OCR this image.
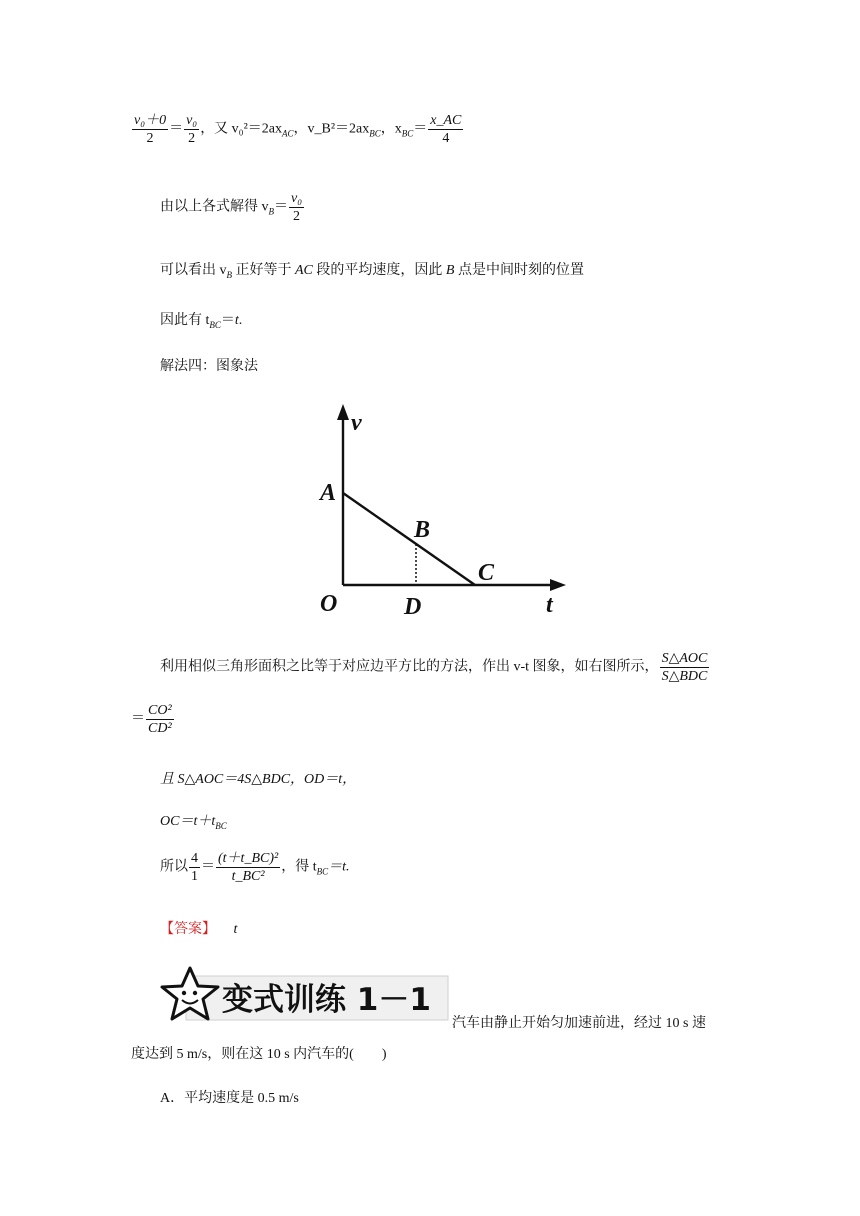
$\frac{\text{v₀＋0}}{2} = \frac{\text{v₀}}{2}$ ，又 $v_0^2=2ax_{AC}$，$v\_B^2=2ax_{BC}$，$x_{BC}= \frac{x\_AC}{4}$
由以上各式解得 $v_B= \frac{\text{v₀}}{2}$
可以看出 $v_B$ 正好等于 AC 段的平均速度，因此 B 点是中间时刻的位置
因此有 $t_{BC}=t$.
解法四：图象法
v
t
A
B
C
O	D
利用相似三角形面积之比等于对应边平方比的方法，作出 v-t 图象，如右图所示， $\frac{\text{S△AOC}}{\text{S△BDC}}$
＝ $\frac{\text{CO²}}{\text{CD²}}$
且 S△AOC＝4S△BDC，OD＝t，
$OC=t+t_{BC}$
所以 $\frac{4}{1} = \frac{\text{(t＋t\_BC)²}}{\text{t\_BC²}}$ ，得 $t_{BC}=t$.
【答案】 t
变式训练 1－1
汽车由静止开始匀加速前进，经过 10 s 速
度达到 5 m/s，则在这 10 s 内汽车的(　　)
A．平均速度是 0.5 m/s
